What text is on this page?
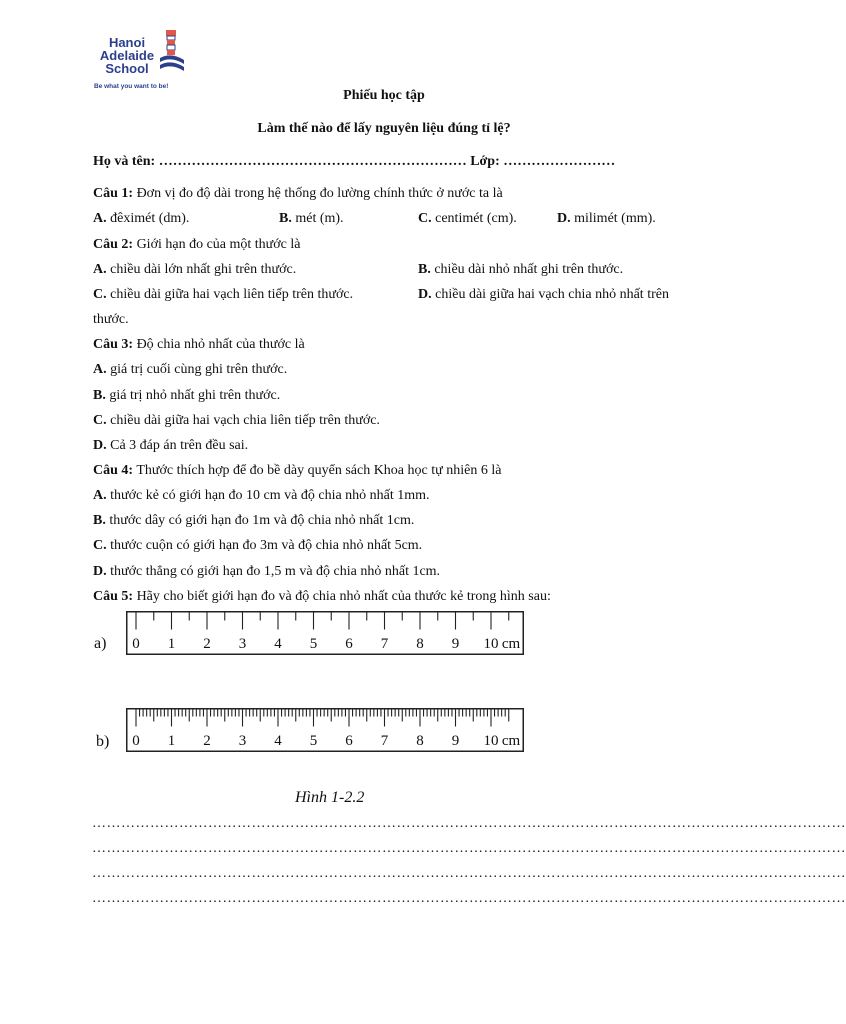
Hanoi
Adelaide
School
Be what you want to be!
Phiếu học tập
Làm thế nào để lấy nguyên liệu đúng tỉ lệ?
Họ và tên: ………………………………………………………… Lớp: ……………………
Câu 1: Đơn vị đo độ dài trong hệ thống đo lường chính thức ở nước ta là
A. đêximét (dm).	B. mét (m).	C. centimét (cm).	D. milimét (mm).
Câu 2: Giới hạn đo của một thước là
A. chiều dài lớn nhất ghi trên thước.	B. chiều dài nhỏ nhất ghi trên thước.
C. chiều dài giữa hai vạch liên tiếp trên thước.	D. chiều dài giữa hai vạch chia nhỏ nhất trên
thước.
Câu 3: Độ chia nhỏ nhất của thước là
A. giá trị cuối cùng ghi trên thước.
B. giá trị nhỏ nhất ghi trên thước.
C. chiều dài giữa hai vạch chia liên tiếp trên thước.
D. Cả 3 đáp án trên đều sai.
Câu 4: Thước thích hợp để đo bề dày quyển sách Khoa học tự nhiên 6 là
A. thước kẻ có giới hạn đo 10 cm và độ chia nhỏ nhất 1mm.
B. thước dây có giới hạn đo 1m và độ chia nhỏ nhất 1cm.
C. thước cuộn có giới hạn đo 3m và độ chia nhỏ nhất 5cm.
D. thước thẳng có giới hạn đo 1,5 m và độ chia nhỏ nhất 1cm.
Câu 5: Hãy cho biết giới hạn đo và độ chia nhỏ nhất của thước kẻ trong hình sau:
a) 0 1 2 3 4 5 6 7 8 9 10 cm
b) 0 1 2 3 4 5 6 7 8 9 10 cm
Hình 1-2.2
…………………………………………………………………………………………………………………………………………
…………………………………………………………………………………………………………………………………………
…………………………………………………………………………………………………………………………………………
…………………………………………………………………………………………………………………………………………
